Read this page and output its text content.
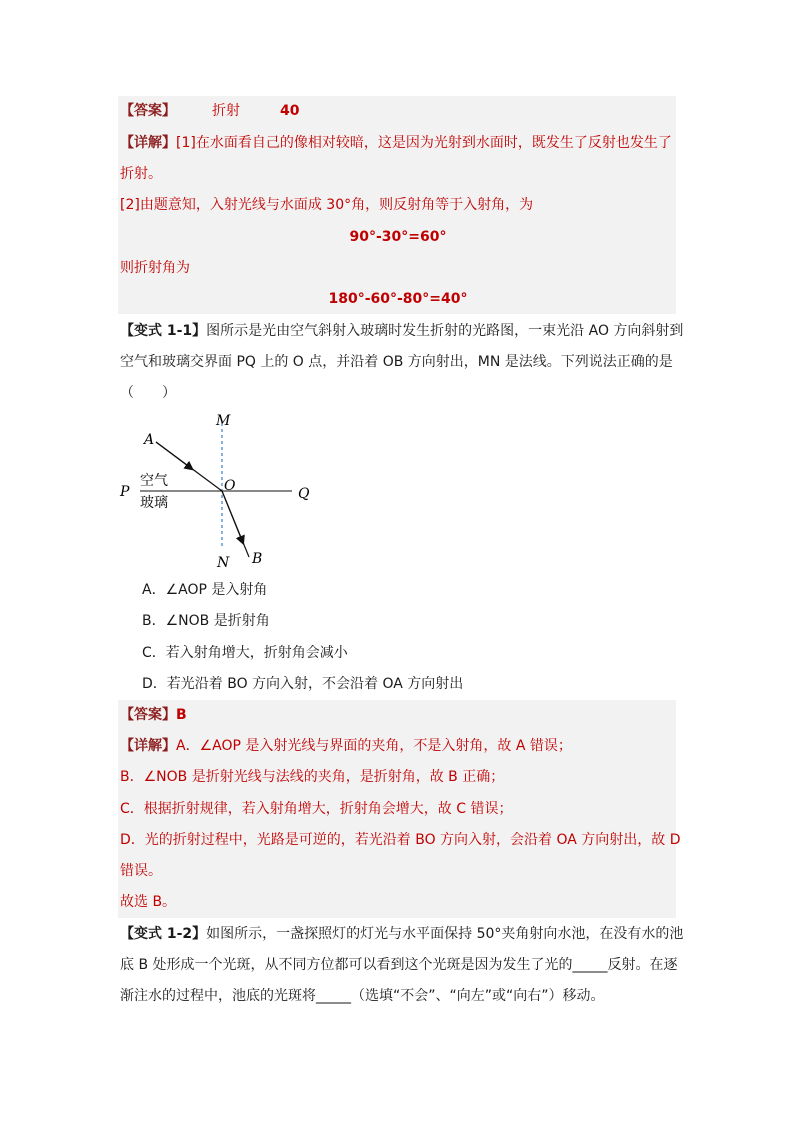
【答案】	折射	40
【详解】[1]在水面看自己的像相对较暗，这是因为光射到水面时，既发生了反射也发生了
折射。
[2]由题意知，入射光线与水面成 30°角，则反射角等于入射角，为
90°-30°=60°
则折射角为
180°-60°-80°=40°
【变式 1-1】图所示是光由空气斜射入玻璃时发生折射的光路图，一束光沿 AO 方向斜射到
空气和玻璃交界面 PQ 上的 O 点，并沿着 OB 方向射出，MN 是法线。下列说法正确的是
（　　）
M
A
P	O	Q
N B
空气
玻璃
A．∠AOP 是入射角
B．∠NOB 是折射角
C．若入射角增大，折射角会减小
D．若光沿着 BO 方向入射，不会沿着 OA 方向射出
【答案】B
【详解】A．∠AOP 是入射光线与界面的夹角，不是入射角，故 A 错误；
B．∠NOB 是折射光线与法线的夹角，是折射角，故 B 正确；
C．根据折射规律，若入射角增大，折射角会增大，故 C 错误；
D．光的折射过程中，光路是可逆的，若光沿着 BO 方向入射，会沿着 OA 方向射出，故 D
错误。
故选 B。
【变式 1-2】如图所示，一盏探照灯的灯光与水平面保持 50°夹角射向水池，在没有水的池
底 B 处形成一个光斑，从不同方位都可以看到这个光斑是因为发生了光的_____反射。在逐
渐注水的过程中，池底的光斑将_____（选填“不会”、“向左”或“向右”）移动。
